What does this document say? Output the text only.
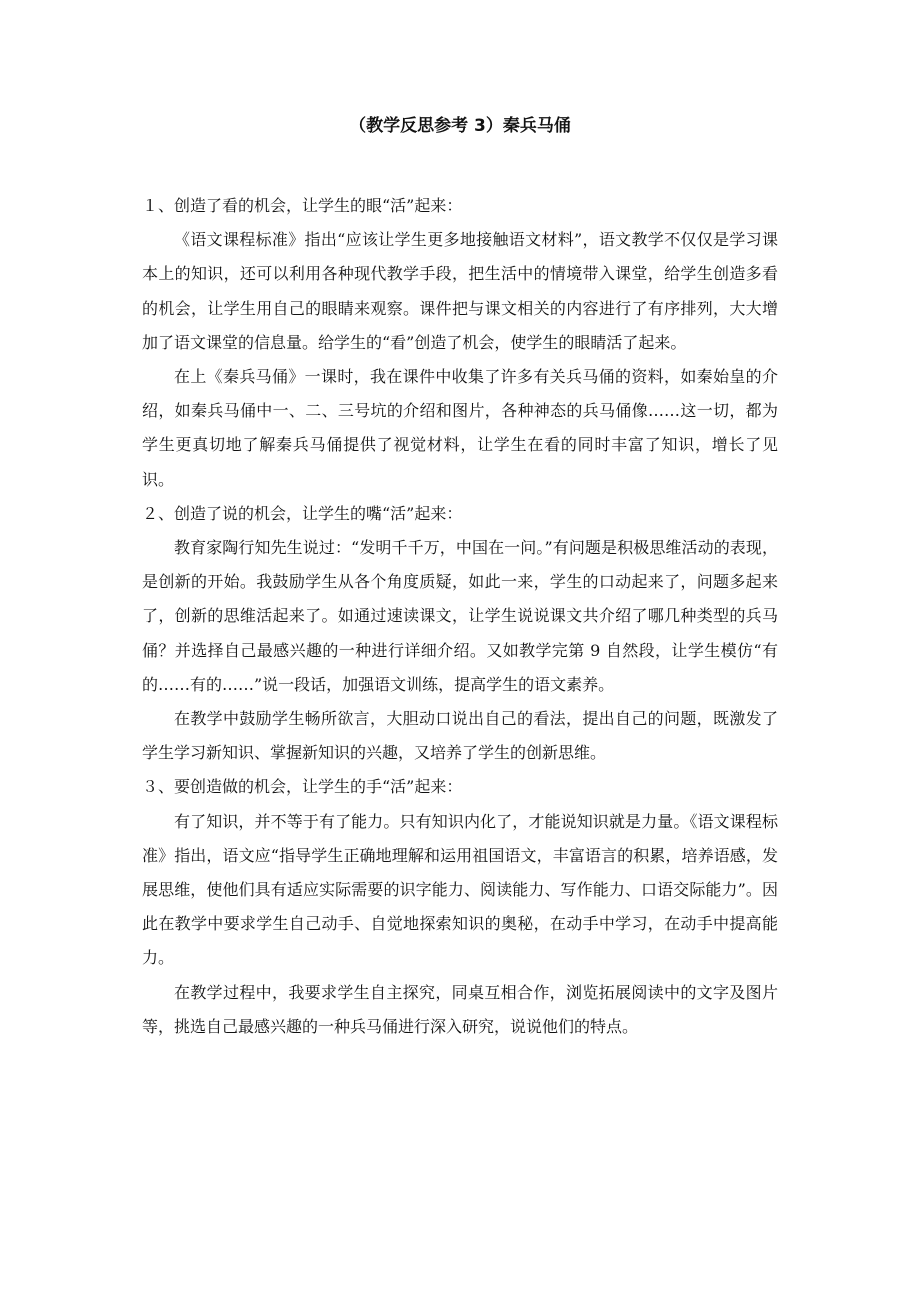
（教学反思参考 3）秦兵马俑

１、创造了看的机会，让学生的眼“活”起来：

《语文课程标准》指出“应该让学生更多地接触语文材料”，语文教学不仅仅是学习课本上的知识，还可以利用各种现代教学手段，把生活中的情境带入课堂，给学生创造多看的机会，让学生用自己的眼睛来观察。课件把与课文相关的内容进行了有序排列，大大增加了语文课堂的信息量。给学生的“看”创造了机会，使学生的眼睛活了起来。

在上《秦兵马俑》一课时，我在课件中收集了许多有关兵马俑的资料，如秦始皇的介绍，如秦兵马俑中一、二、三号坑的介绍和图片，各种神态的兵马俑像……这一切，都为学生更真切地了解秦兵马俑提供了视觉材料，让学生在看的同时丰富了知识，增长了见识。

２、创造了说的机会，让学生的嘴“活”起来：

教育家陶行知先生说过：“发明千千万，中国在一问。”有问题是积极思维活动的表现，是创新的开始。我鼓励学生从各个角度质疑，如此一来，学生的口动起来了，问题多起来了，创新的思维活起来了。如通过速读课文，让学生说说课文共介绍了哪几种类型的兵马俑？并选择自己最感兴趣的一种进行详细介绍。又如教学完第 9 自然段，让学生模仿“有的……有的……”说一段话，加强语文训练，提高学生的语文素养。

在教学中鼓励学生畅所欲言，大胆动口说出自己的看法，提出自己的问题，既激发了学生学习新知识、掌握新知识的兴趣，又培养了学生的创新思维。

３、要创造做的机会，让学生的手“活”起来：

有了知识，并不等于有了能力。只有知识内化了，才能说知识就是力量。《语文课程标准》指出，语文应“指导学生正确地理解和运用祖国语文，丰富语言的积累，培养语感，发展思维，使他们具有适应实际需要的识字能力、阅读能力、写作能力、口语交际能力”。因此在教学中要求学生自己动手、自觉地探索知识的奥秘，在动手中学习，在动手中提高能力。

在教学过程中，我要求学生自主探究，同桌互相合作，浏览拓展阅读中的文字及图片等，挑选自己最感兴趣的一种兵马俑进行深入研究，说说他们的特点。
